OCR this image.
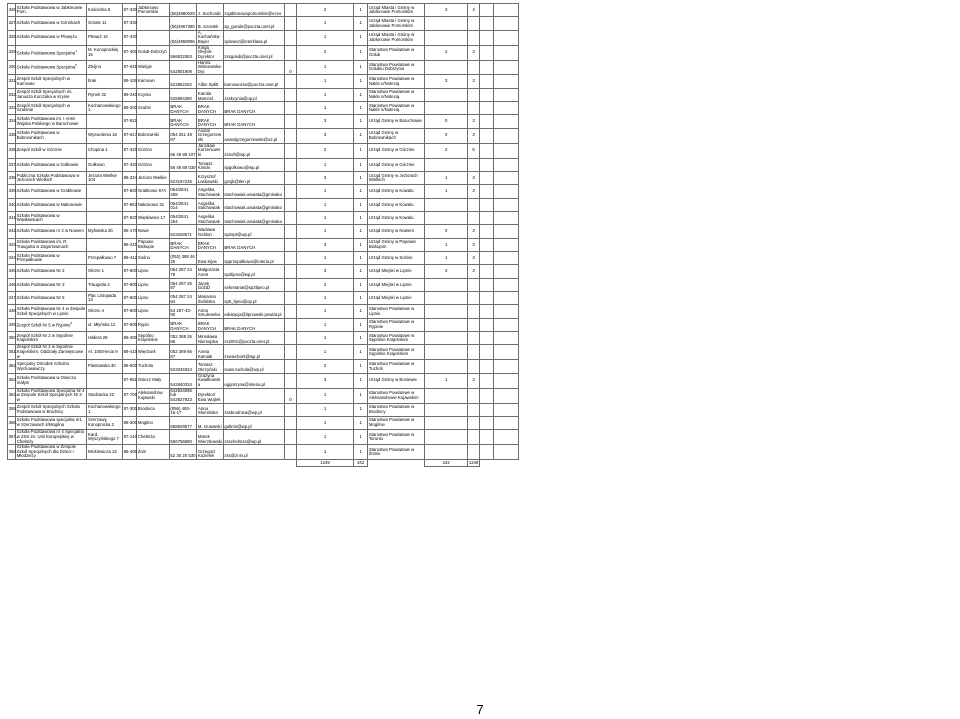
326.	Szkoła Podstawowa w Jabłonowie Pom.	Kościelna 8	87-330	Jabłonowo Pomorskie	(56)4980029	J. Suchorab	zsjablonowopomorskie@ecvo		2	1	Urząd Miasta i Gminy w Jabłonowie Pomorskim	3	4		
327.	Szkoła Podstawowa w Górnikach	Górale 11	87-330		(56)4957380	B. Szostek	sp_gorale@poczta.onet.pl		1	1	Urząd Miasta i Gminy w Jabłonowie Pomorskim				
328.	Szkoła Podstawowa w Płowężu	Płowęż 16	87-330		(56)4958096	A. Kochańska-Bayer	splowez@interklasa.pl		1	1	Urząd Miasta i Gminy w Jabłonowie Pomorskim				
329.	Szkoła Podstawowa Specjalna$^1$	M. Konopnickiej 15	87-400	Golub-Dobrzyń	566832553	Kinga Olejnik- Dyrektor	zssgolub@poczta.onet.pl		2	1	Starostwo Powiatowe w Golub	2	3		
330.	Szkoła Podstawowa Specjalna$^6$	Zbójno	87-645	Wielgie	542801908	Hanna Wiśniewska-Dyr.		0	1	1	Starostwo Powiatowe w Golubiu Dobrzyniu				
331.	Zespół Szkół Specjalnych w Karnowie	brak	89-100	Karnowo	523852262	Albin Spłitt	karnowozss@poczta.onet.pl		1	1	Starostwo Powiatowe w Nakle n/Notecią	3	3		
332.	Zespół Szkół Specjalnych im. Janusza Korczaka w Krynie	Rynek 32	89-240	Kcynia	525894380	Kamila Mamroś	zsskcynia@op.pl		1	1	Starostwo Powiatowe w Nakle n/Notecią				
333.	Zespół Szkół Specjalnych w Szubinie	Kochanowskiego 1	89-200	Szubin	BRAK DANYCH	BRAK DANYCH	BRAK DANYCH		1	1	Starostwo Powiatowe w Nakle n/Notecią				
334.	Szkoła Podstawowa im. I Armii Wojska Polskiego w Baruchowie		87-821		BRAK DANYCH	BRAK DANYCH	BRAK DANYCH		3	1	Urząd Gminy w Baruchowie	0	3		
335.	Szkoła Podstawowa w Bobrownikach	Wyzwolenia 16	87-617	Bobrowniki	054 251 48 87	Anatol Grzegorzewski	anatolgrzegorzewski@o2.pl		3	1	Urząd Gminy w Bobrownikach	0	3		
336.	Zespół Szkół w Górznie	Chopina 1	87-320	Górzno	56 49 89 107	Jarosław Kurzeniowski	zsnoft@wp.pl		2	1	Urząd Gminy w Górznie	2	5		
337.	Szkoła Podstawowa w Gołkowie	Gołkowo	87-320	Górzno	56 49 88 030	Tomasz Kinicki	spgolkowo@wp.pl		1	1	Urząd Gminy w Górznie				
338.	Publiczna Szkoła Podstawowa w Jeziorach Wielkich	Jeziora Wielkie 104	88-324	Jeziora Wielkie	523187226	Krzysztof Laskowski	gzsjb@tlen.pl		3	1	Urząd Gminy w Jeziorach Wielkich	1	3		
339.	Szkoła Podstawowa w Grabkowie		87-820	Grabkowo 67A	054/2841 489	Angelika Stachowiak	stachowiak.oswiata@gminako		1	1	Urząd Gminy w Kowalu	1	3		
340.	Szkoła Podstawowa w Nakonowie		87-853	Nakonowo 31	054/2841 014	Angelika Stachowiak	stachowiak.oswiata@gminako		1	1	Urząd Gminy w Kowalu				
341.	Szkoła Podstawowa w Więsławicach		87-820	Więsławice 17	054/2841 254	Angelika Stachowiak	stachowiak.oswiata@gminako		1	1	Urząd Gminy w Kowalu				
342.	Szkoła Podstawowa nr 2 w Nowem	Mylówska 2b	86-170	Nowe	523328571	Wacława Geldon	sp2spt@wp.pl		1	1	Urząd Gminy w Nowem	0	3		
343.	Szkoła Podstawowa im. R. Traugutta w Zagórtowicach		86-221	Papowo Biskupie	BRAK DANYCH	BRAK DANYCH	BRAK DANYCH		3	1	Urząd Gminy w Papowie Biskupim	1	3		
344.	Szkoła Podstawowa w Przepałkowie	Przepałkowo 7	89-412	Sośno	(052) 388 46 26	Ewa Kijas	spprzepalkowo@interia.pl		1	1	Urząd Gminy w Sośnie	1	3		
345.	Szkoła Podstawowa Nr 2	Okrzei 1	87-600	Lipno	054 287 24 78	Małgorzata Arent	sp2lipno@wp.pl		3	1	Urząd Miejski w Lipnie	3	3		
346.	Szkoła Podstawowa Nr 3	Traugutta 2	87-600	Lipno	054 287 25 87	Jacek Góźdź	sekretariat@sp3lipno.pl		2	1	Urząd Miejski w Lipnie				
347.	Szkoła Podstawowa Nr 5	Plac Listopada 13	87-600	Lipno	054 287 24 84	Marianna Zielińska	sp5_lipno@op.pl		1	1	Urząd Miejski w Lipnie				
348.	Szkoła Podstawowa Nr 4 w Zespole Szkół Specjalnych w Lipnie	Okrzei 4	87-600	Lipno	54 287-43-90	Anna Smulewska	edukacja@lipnowski.powiat.pl		1	1	Starostwo Powiatowe w Lipnie				
349.	Zespół Szkół Nr 5 w Rypinie$^6$	ul. Młyńska 12	87-500	Rypin	BRAK DANYCH	BRAK DANYCH	BRAK DANYCH		1	1	Starostwo Powiatowe w Rypinie				
350.	Zespół Szkół Nr 2 w Sępólnie Krajeńskim	Hallera 29	89-400	Sępólno Krajeńskie	052 388 26 86	Mirosława Niemojska	zs2001@poczta.onet.pl		1	1	Starostwo Powiatowe w Sępólnie Krajeńskim				
351.	Zespół Szkół Nr 2 w Sępólnie Krajeńskim. Oddziały Zamiejscowe w	Al. 1000-lecia 9	89-410	Więcbork	052 389 66 67	Aneta Kamiak	zswiecbork@wp.pl		1	1	Starostwo Powiatowe w Sępólnie Krajeńskim				
352.	Specjalny Ośrodek Szkolno Wychowawczy	Piastowska 30	89-500	Tuchola	523345024	Tomasz Okrzyński	sows.tuchola@wp.pl		2	1	Starostwo Powiatowe w Tucholi				
353.	Szkoła Podstawowa w Osieczu małym		97-851	Osiecz Mały	542840334	Grażyna Kwiatkowska	uggrazyna@interia.pl		3	1	Urząd Gminy w Boniewie	1	3		
354.	Szkoła Podstawowa Specjalna Nr 4 w Zespole Szkół Specjalnych Nr 3 w	Stodzacka 22	87-700	Aleksandrów Kujawski	542824066 lub 542827923	Dyrektor/ Ewa Wojtek		0	1	1	Starostwo Powiatowe w Aleksandrowie Kujawskim				
355.	Zespół Szkół Specjalnych Szkoła Podstawowa w Brodnicy	Kochanowskiego 1	87-300	Brodnica	(056) 493-16-17	Anna Słomińska	zssbrodnica@wp.pl		1	1	Starostwo Powiatowe w Brodnicy				
356.	Szkoła Podstawowa specjalna nr1 w Szerzawach k/Mogilna	Szerzawy, Konopnicka 2	88-300	Mogilno	668829577	M. Gutowski	gultmir@wp.pl		1	1	Starostwo Powiatowe w Mogilnie				
357.	Szkoła Podstawowa nr 4 Specjalna w ZSS im. Unii Europejskiej w Chełmży	Kard. Wyszyńskiego 7	87-140	Chełmża	566756680	Marek Wierzbowski	zsschelmza@wp.pl		1	1	Starostwo Powiatowe w Toruniu				
358.	Szkoła Podstawowa w Zespole Szkół Specjalnych dla Dzieci i Młodzieży	Mickiewicza 32	88-400	Żnin	52 30 20 530	Grzegorz Kozielek	zss@znin.pl		1	1	Starostwo Powiatowe w Żninie				
									1249	342		342	1249		
7
